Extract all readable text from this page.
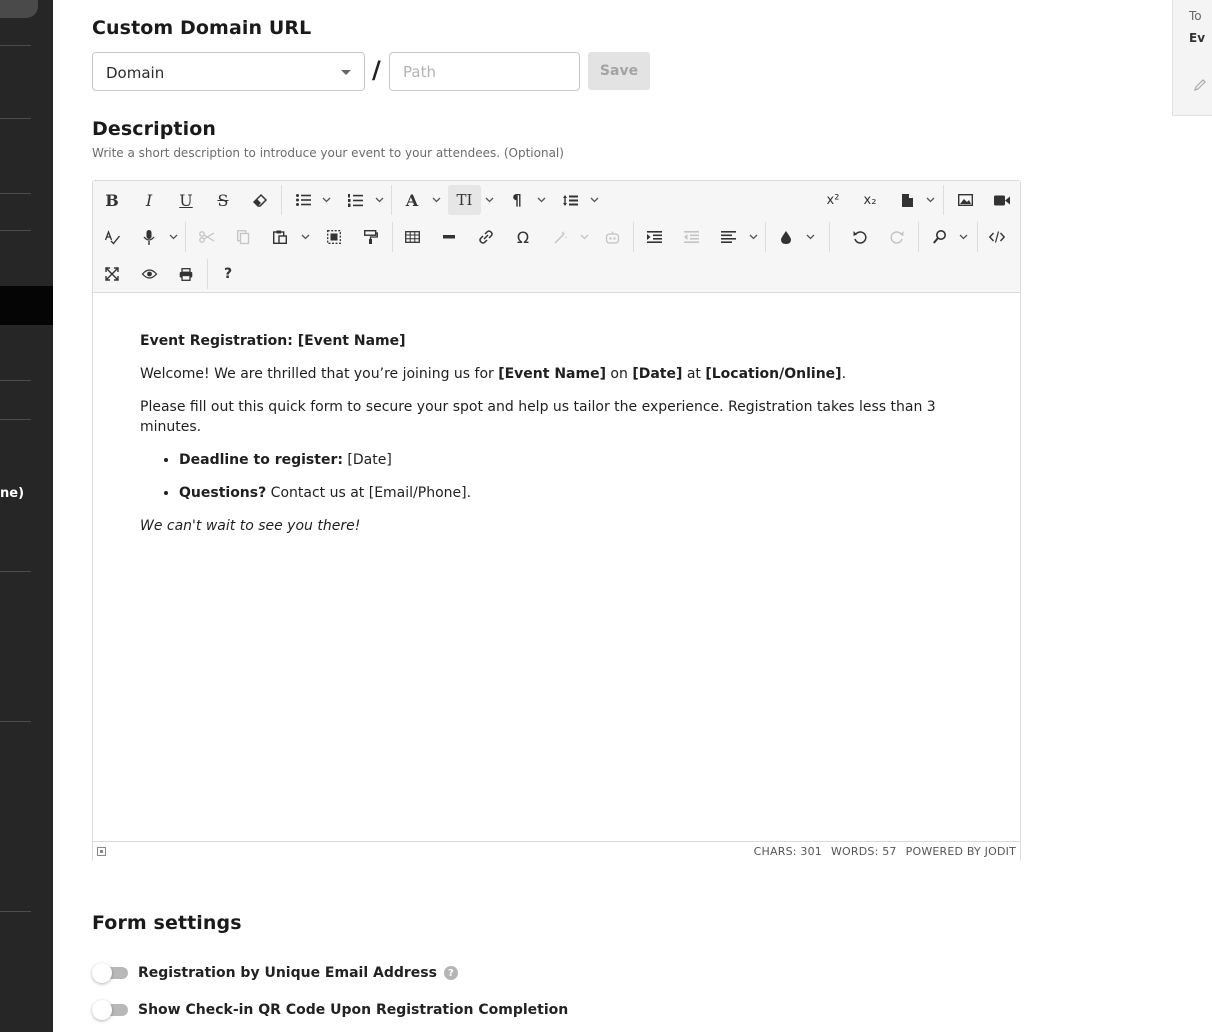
ne)
To
Ev
Custom Domain URL
Domain	/
Path	Save
Description
Write a short description to introduce your event to your attendees. (Optional)
B	I	U	S	A	TI	¶	x²	x₂
Ω
?

Event Registration: [Event Name]

Welcome! We are thrilled that you’re joining us for [Event Name] on [Date] at [Location/Online].

Please fill out this quick form to secure your spot and help us tailor the experience. Registration takes less than 3 minutes.

• Deadline to register: [Date]
• Questions? Contact us at [Email/Phone].

We can't wait to see you there!

CHARS: 301 WORDS: 57 POWERED BY JODIT
Form settings
Registration by Unique Email Address	?
Show Check-in QR Code Upon Registration Completion
